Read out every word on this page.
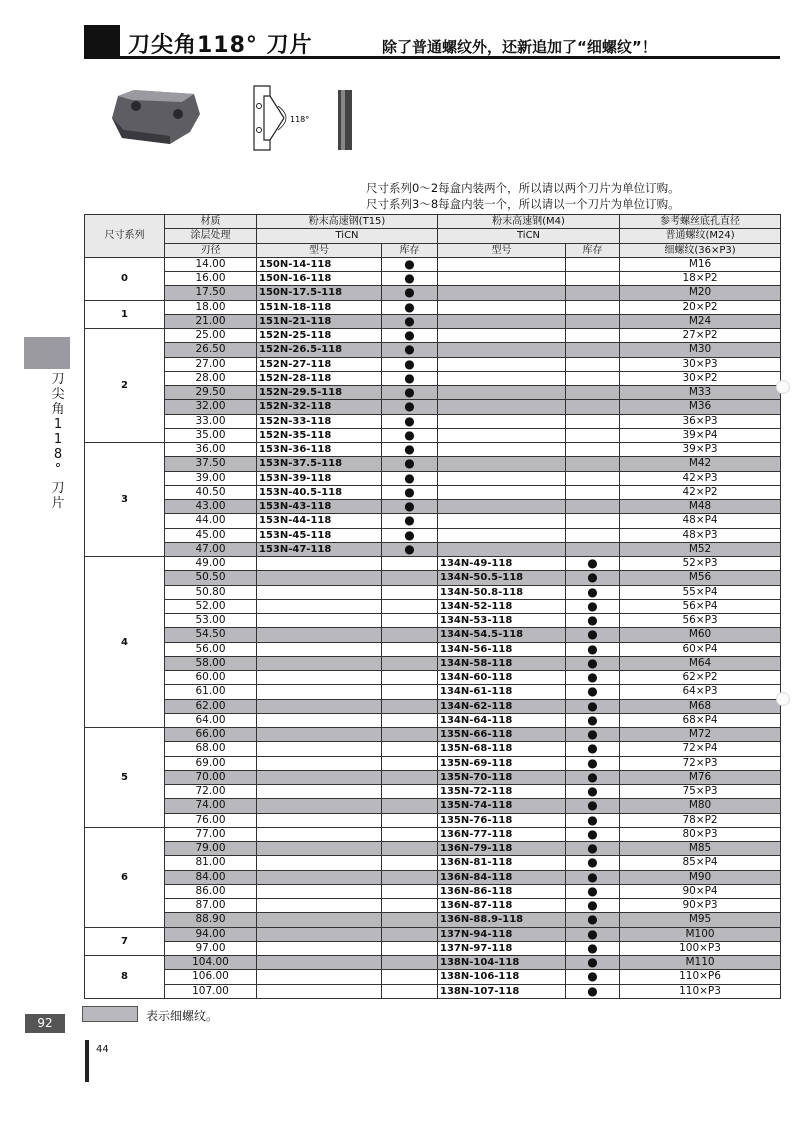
刀尖角118° 刀片	除了普通螺纹外，还新追加了“细螺纹”！
118°
尺寸系列0～2每盒内装两个，所以请以两个刀片为单位订购。
尺寸系列3～8每盒内装一个，所以请以一个刀片为单位订购。
刀
尖
角
1
1
8
°
刀
片
尺寸系列	材质	粉末高速钢(T15)		粉末高速钢(M4)		参考螺丝底孔直径
	涂层处理	TiCN		TiCN		普通螺纹(M24)
	刃径	型号	库存	型号	库存	细螺纹(36×P3)
0	14.00	150N-14-118	●			M16
	16.00	150N-16-118	●			18×P2
	17.50	150N-17.5-118	●			M20
1	18.00	151N-18-118	●			20×P2
	21.00	151N-21-118	●			M24
2	25.00	152N-25-118	●			27×P2
	26.50	152N-26.5-118	●			M30
	27.00	152N-27-118	●			30×P3
	28.00	152N-28-118	●			30×P2
	29.50	152N-29.5-118	●			M33
	32.00	152N-32-118	●			M36
	33.00	152N-33-118	●			36×P3
	35.00	152N-35-118	●			39×P4
3	36.00	153N-36-118	●			39×P3
	37.50	153N-37.5-118	●			M42
	39.00	153N-39-118	●			42×P3
	40.50	153N-40.5-118	●			42×P2
	43.00	153N-43-118	●			M48
	44.00	153N-44-118	●			48×P4
	45.00	153N-45-118	●			48×P3
	47.00	153N-47-118	●			M52
4	49.00			134N-49-118	●	52×P3
	50.50			134N-50.5-118	●	M56
	50.80			134N-50.8-118	●	55×P4
	52.00			134N-52-118	●	56×P4
	53.00			134N-53-118	●	56×P3
	54.50			134N-54.5-118	●	M60
	56.00			134N-56-118	●	60×P4
	58.00			134N-58-118	●	M64
	60.00			134N-60-118	●	62×P2
	61.00			134N-61-118	●	64×P3
	62.00			134N-62-118	●	M68
	64.00			134N-64-118	●	68×P4
5	66.00			135N-66-118	●	M72
	68.00			135N-68-118	●	72×P4
	69.00			135N-69-118	●	72×P3
	70.00			135N-70-118	●	M76
	72.00			135N-72-118	●	75×P3
	74.00			135N-74-118	●	M80
	76.00			135N-76-118	●	78×P2
6	77.00			136N-77-118	●	80×P3
	79.00			136N-79-118	●	M85
	81.00			136N-81-118	●	85×P4
	84.00			136N-84-118	●	M90
	86.00			136N-86-118	●	90×P4
	87.00			136N-87-118	●	90×P3
	88.90			136N-88.9-118	●	M95
7	94.00			137N-94-118	●	M100
	97.00			137N-97-118	●	100×P3
8	104.00			138N-104-118	●	M110
	106.00			138N-106-118	●	110×P6
	107.00			138N-107-118	●	110×P3
表示细螺纹。
92
44
